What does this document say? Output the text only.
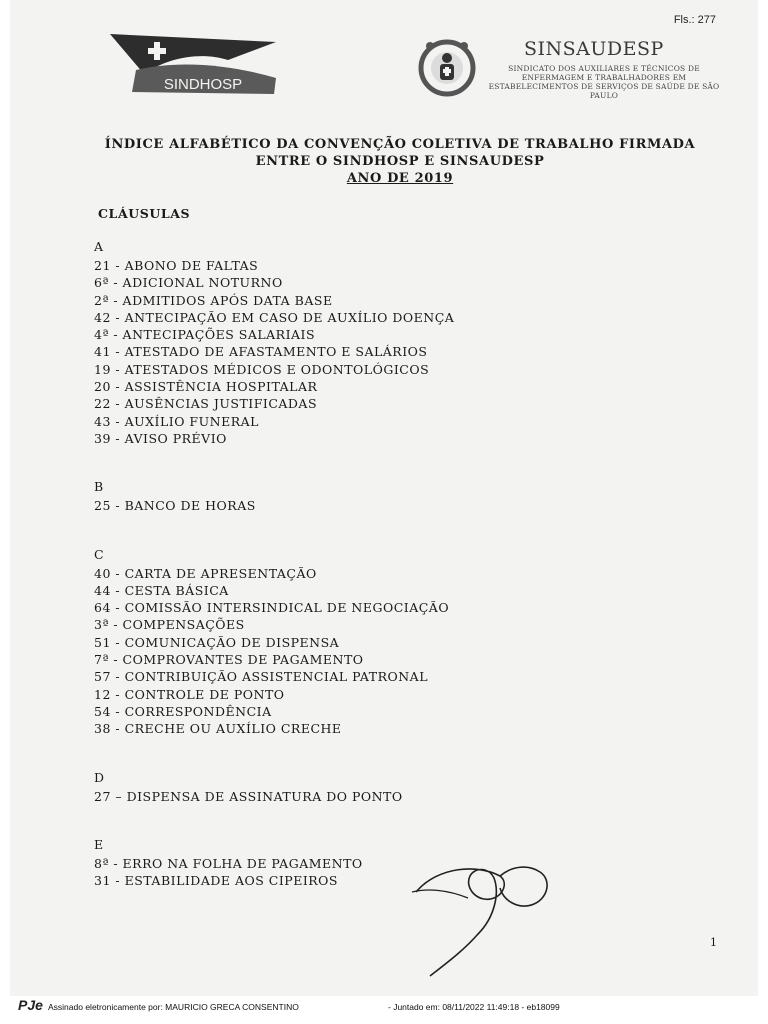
Fls.: 277
SINDHOSP
SINSAUDESP
SINDICATO DOS AUXILIARES E TÉCNICOS DE ENFERMAGEM E TRABALHADORES EM ESTABELECIMENTOS DE SERVIÇOS DE SAÚDE DE SÃO PAULO
ÍNDICE ALFABÉTICO DA CONVENÇÃO COLETIVA DE TRABALHO FIRMADA
ENTRE O SINDHOSP E SINSAUDESP
ANO DE 2019
CLÁUSULAS
A
21 - ABONO DE FALTAS
6ª - ADICIONAL NOTURNO
2ª - ADMITIDOS APÓS DATA BASE
42 - ANTECIPAÇÃO EM CASO DE AUXÍLIO DOENÇA
4ª - ANTECIPAÇÕES SALARIAIS
41 - ATESTADO DE AFASTAMENTO E SALÁRIOS
19 - ATESTADOS MÉDICOS E ODONTOLÓGICOS
20 - ASSISTÊNCIA HOSPITALAR
22 - AUSÊNCIAS JUSTIFICADAS
43 - AUXÍLIO FUNERAL
39 - AVISO PRÉVIO
B
25 - BANCO DE HORAS
C
40 - CARTA DE APRESENTAÇÃO
44 - CESTA BÁSICA
64 - COMISSÃO INTERSINDICAL DE NEGOCIAÇÃO
3ª - COMPENSAÇÕES
51 - COMUNICAÇÃO DE DISPENSA
7ª - COMPROVANTES DE PAGAMENTO
57 - CONTRIBUIÇÃO ASSISTENCIAL PATRONAL
12 - CONTROLE DE PONTO
54 - CORRESPONDÊNCIA
38 - CRECHE OU AUXÍLIO CRECHE
D
27 – DISPENSA DE ASSINATURA DO PONTO
E
8ª - ERRO NA FOLHA DE PAGAMENTO
31 - ESTABILIDADE AOS CIPEIROS
1
PJe Assinado eletronicamente por: MAURICIO GRECA CONSENTINO	- Juntado em: 08/11/2022 11:49:18 - eb18099
